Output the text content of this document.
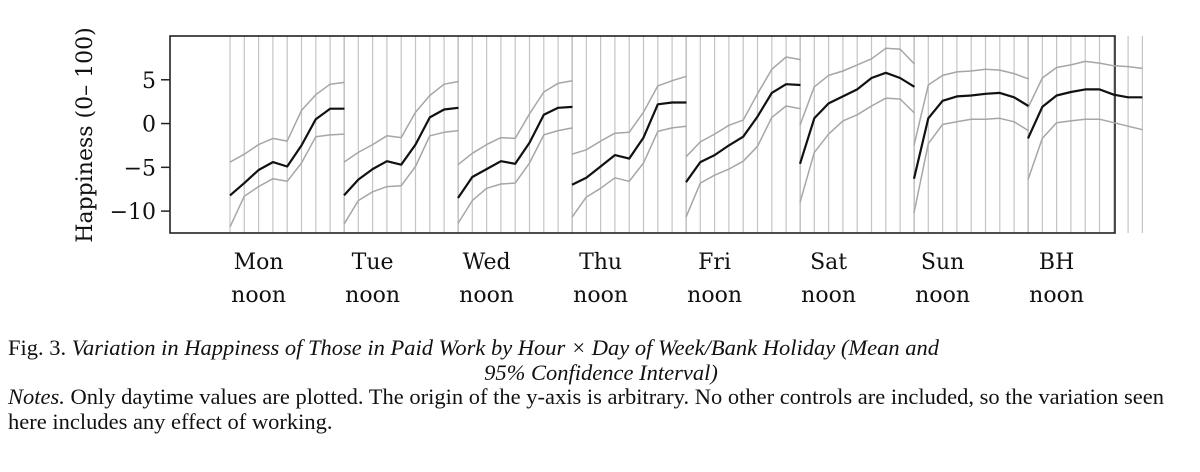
5
0
−5
−10
Happiness (0– 100)
Mon
noon
Tue
noon
Wed
noon
Thu
noon
Fri
noon
Sat
noon
Sun
noon
BH
noon
Fig. 3. Variation in Happiness of Those in Paid Work by Hour × Day of Week/Bank Holiday (Mean and
95% Confidence Interval)
Notes. Only daytime values are plotted. The origin of the y-axis is arbitrary. No other controls are included, so the variation seen here includes any effect of working.
